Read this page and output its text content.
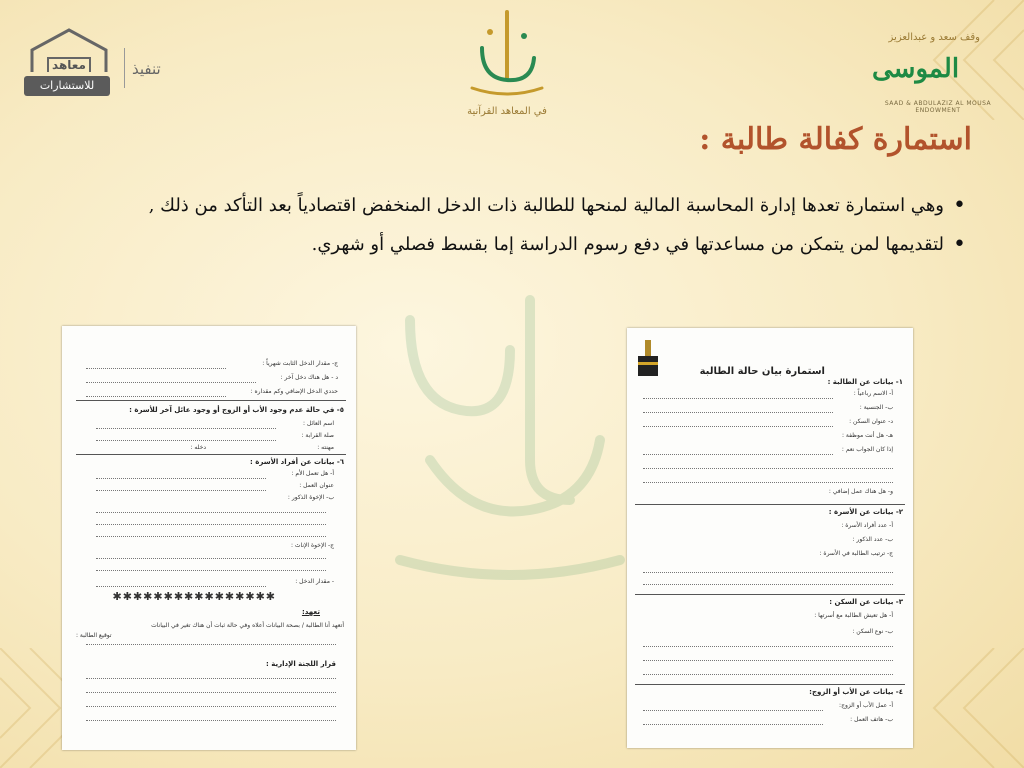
معاهد
للاستشارات
تنفيذ
في المعاهد القرآنية
وقف سعد و عبدالعزيز
الموسى
SAAD & ABDULAZIZ AL MOUSA ENDOWMENT
استمارة كفالة طالبة :
• وهي استمارة تعدها إدارة المحاسبة المالية لمنحها للطالبة ذات الدخل المنخفض اقتصادياً بعد التأكد من ذلك ,
• لتقديمها لمن يتمكن من مساعدتها في دفع رسوم الدراسة إما بقسط فصلي أو شهري.
ج- مقدار الدخل الثابت شهرياً :
د - هل هناك دخل آخر :
حددي الدخل الإضافي وكم مقداره :
٥- في حالة عدم وجود الأب أو الزوج أو وجود عائل آخر للأسرة :
اسم العائل :
صلة القرابة :
مهنته :
دخله :
٦- بيانات عن أفراد الأسرة :
أ- هل تعمل الأم :
عنوان العمل :
ب- الإخوة الذكور :
ج- الإخوة الإناث :
- مقدار الدخل :
✱✱✱✱✱✱✱✱✱✱✱✱✱✱✱✱
تعهد:
أتعهد أنا الطالبة / بصحة البيانات أعلاه وفي حالة ثبات أن هناك تغير في البيانات
توقيع الطالبة :
قرار اللجنة الإدارية :
استمارة بيان حالة الطالبة
١- بيانات عن الطالبة :
أ- الاسم رباعياً :
ب- الجنسية :
د- عنوان السكن :
هـ- هل أنت موظفة :
إذا كان الجواب نعم :
و- هل هناك عمل إضافي :
٢- بيانات عن الأسرة :
أ- عدد أفراد الأسرة :
ب- عدد الذكور :
ج- ترتيب الطالبة في الأسرة :
٣- بيانات عن السكن :
أ- هل تعيش الطالبة مع أسرتها :
ب- نوع السكن :
٤- بيانات عن الأب أو الزوج:
أ- عمل الأب أو الزوج:
ب- هاتف العمل :
